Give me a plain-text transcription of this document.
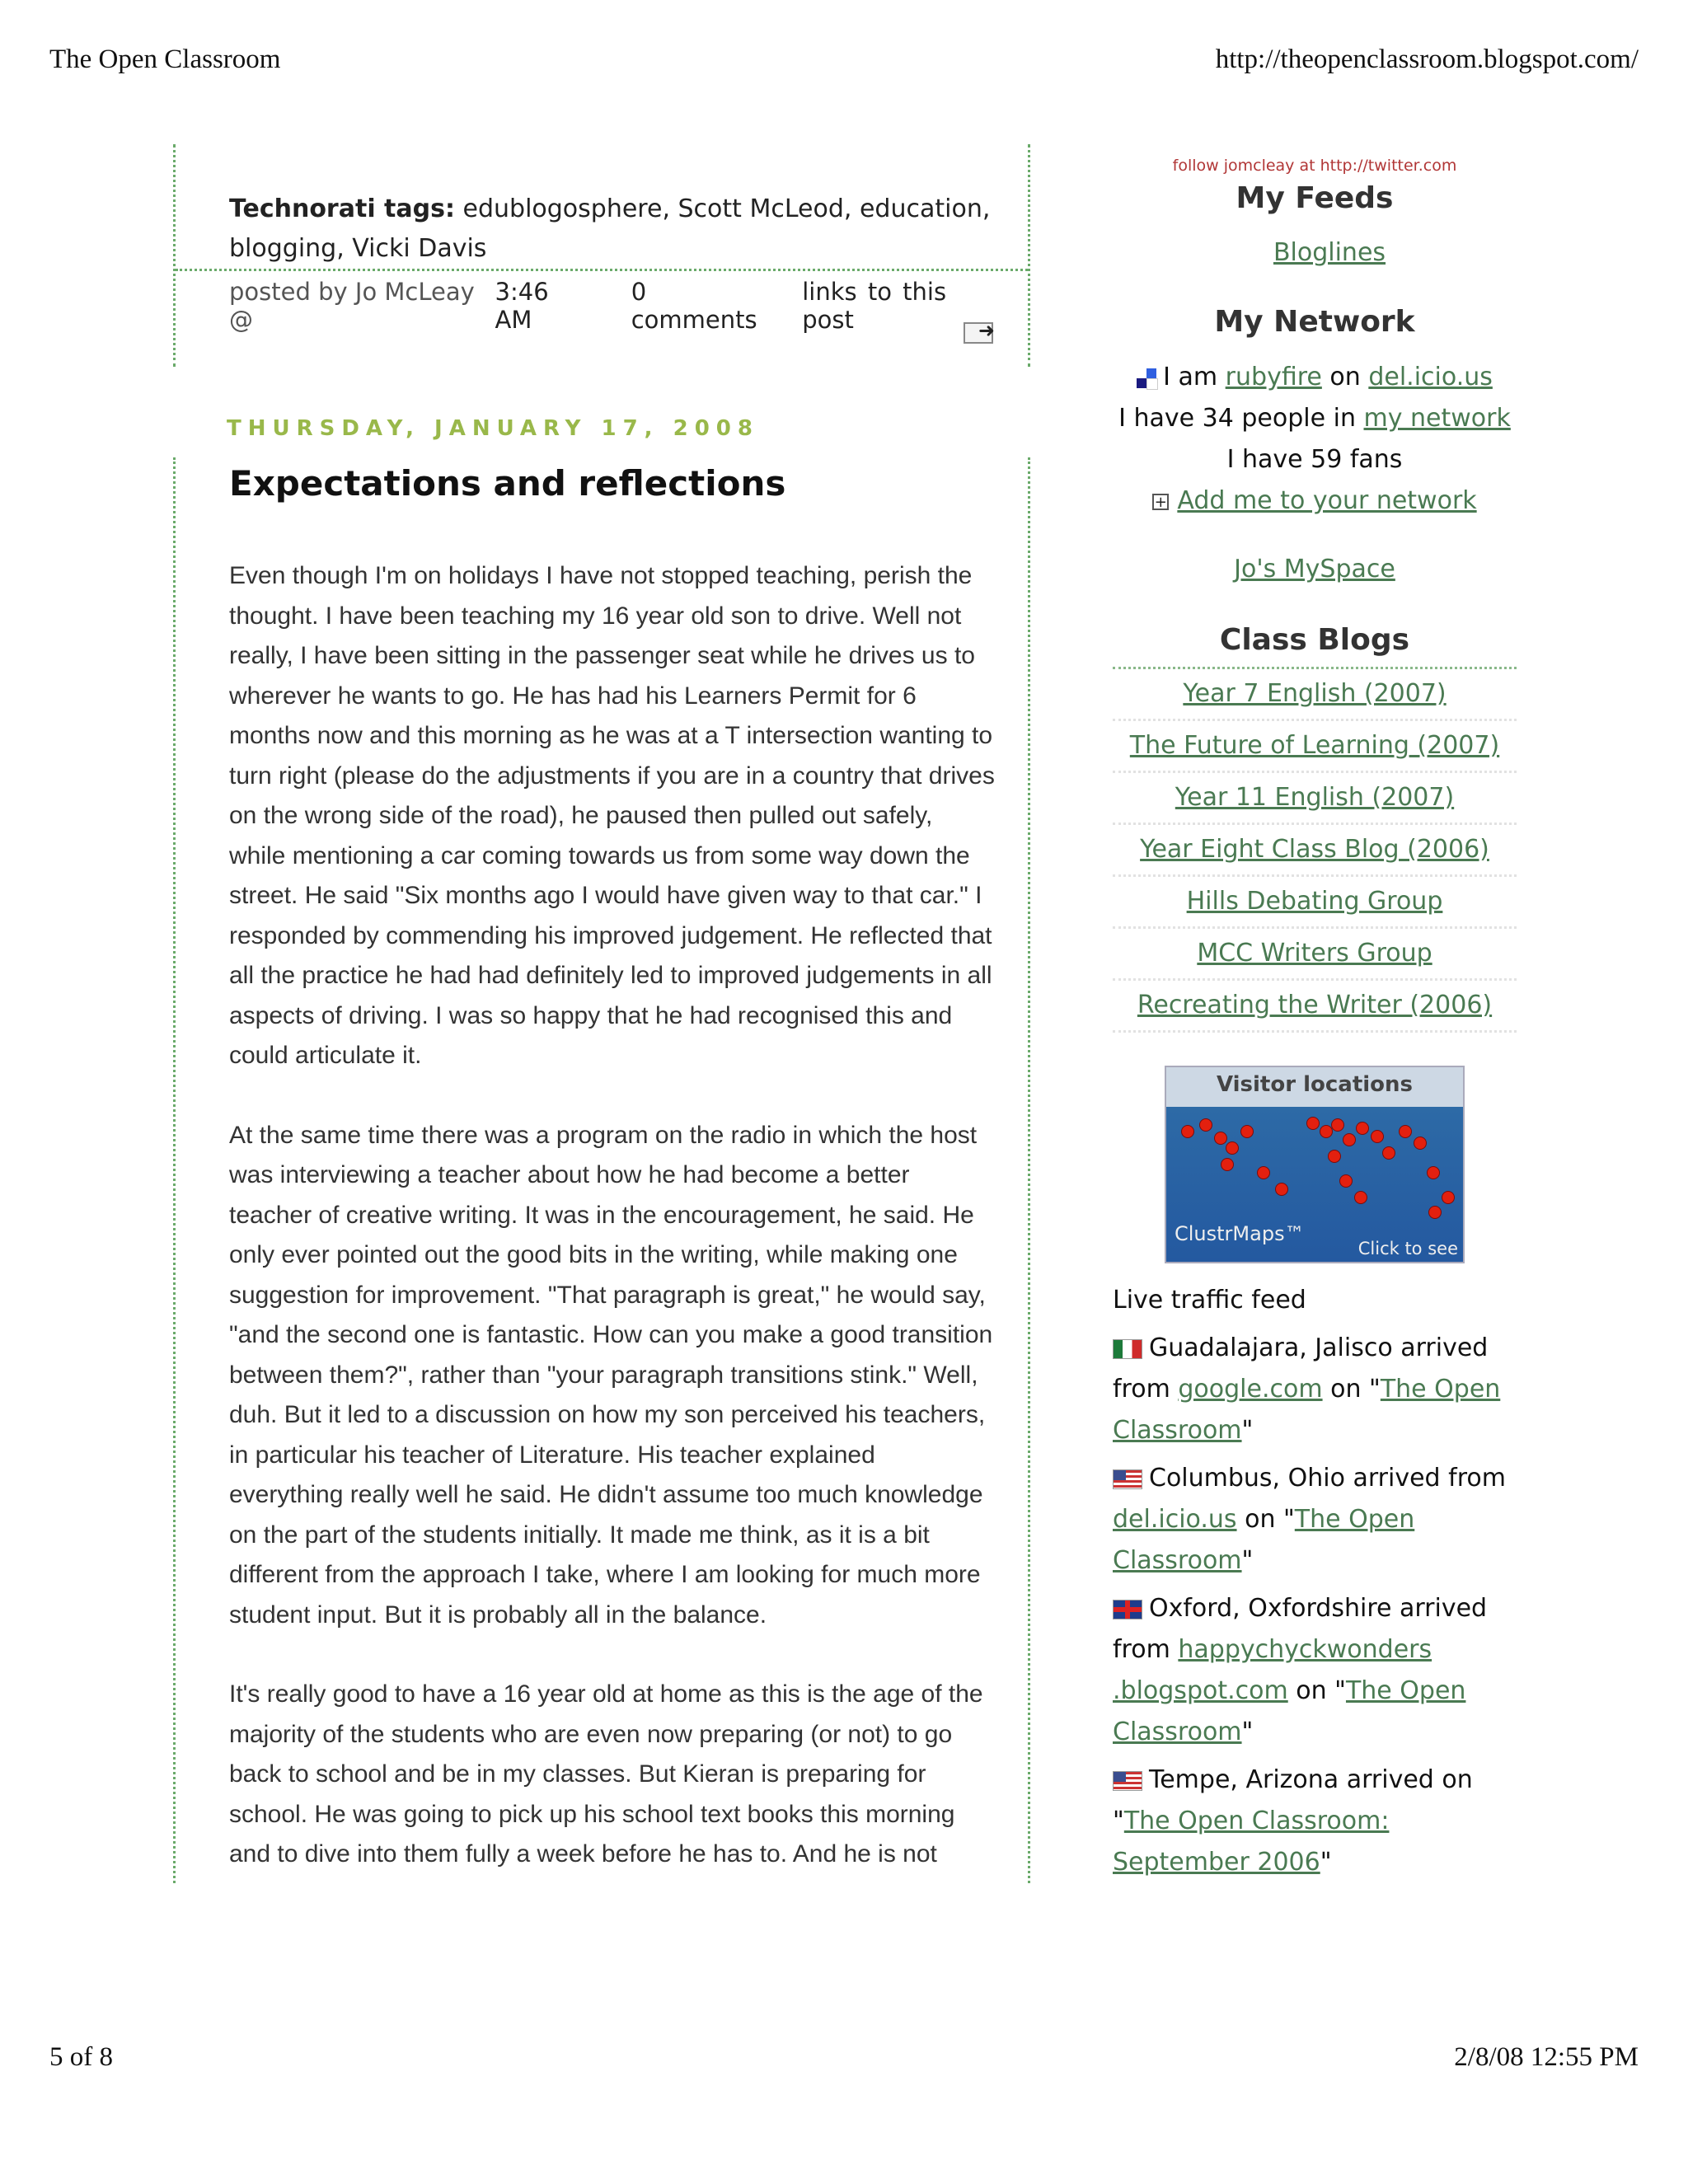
The Open Classroom	http://theopenclassroom.blogspot.com/
Technorati tags: edublogosphere, Scott McLeod, education, blogging, Vicki Davis
posted by Jo McLeay @

3:46 AM
0 comments
links to this post
➜
THURSDAY, JANUARY 17, 2008
Expectations and reflections

Even though I'm on holidays I have not stopped teaching, perish the thought. I have been teaching my 16 year old son to drive. Well not really, I have been sitting in the passenger seat while he drives us to wherever he wants to go. He has had his Learners Permit for 6 months now and this morning as he was at a T intersection wanting to turn right (please do the adjustments if you are in a country that drives on the wrong side of the road), he paused then pulled out safely, while mentioning a car coming towards us from some way down the street. He said "Six months ago I would have given way to that car." I responded by commending his improved judgement. He reflected that all the practice he had had definitely led to improved judgements in all aspects of driving. I was so happy that he had recognised this and could articulate it.

At the same time there was a program on the radio in which the host was interviewing a teacher about how he had become a better teacher of creative writing. It was in the encouragement, he said. He only ever pointed out the good bits in the writing, while making one suggestion for improvement. "That paragraph is great," he would say, "and the second one is fantastic. How can you make a good transition between them?", rather than "your paragraph transitions stink." Well, duh. But it led to a discussion on how my son perceived his teachers, in particular his teacher of Literature. His teacher explained everything really well he said. He didn't assume too much knowledge on the part of the students initially. It made me think, as it is a bit different from the approach I take, where I am looking for much more student input. But it is probably all in the balance.

It's really good to have a 16 year old at home as this is the age of the majority of the students who are even now preparing (or not) to go back to school and be in my classes. But Kieran is preparing for school. He was going to pick up his school text books this morning and to dive into them fully a week before he has to. And he is not

follow jomcleay at http://twitter.com
My Feeds
Bloglines
My Network
I am rubyfire on del.icio.us
I have 34 people in my network
I have 59 fans
+ Add me to your network
Jo's MySpace
Class Blogs
Year 7 English (2007)
The Future of Learning (2007)
Year 11 English (2007)
Year Eight Class Blog (2006)
Hills Debating Group
MCC Writers Group
Recreating the Writer (2006)
Visitor locations
ClustrMaps™
Click to see
Live traffic feed
Guadalajara, Jalisco arrived from google.com on "The Open Classroom"
Columbus, Ohio arrived from del.icio.us on "The Open Classroom"
Oxford, Oxfordshire arrived from happychyckwonders .blogspot.com on "The Open Classroom"
Tempe, Arizona arrived on "The Open Classroom: September 2006"
5 of 8	2/8/08 12:55 PM
